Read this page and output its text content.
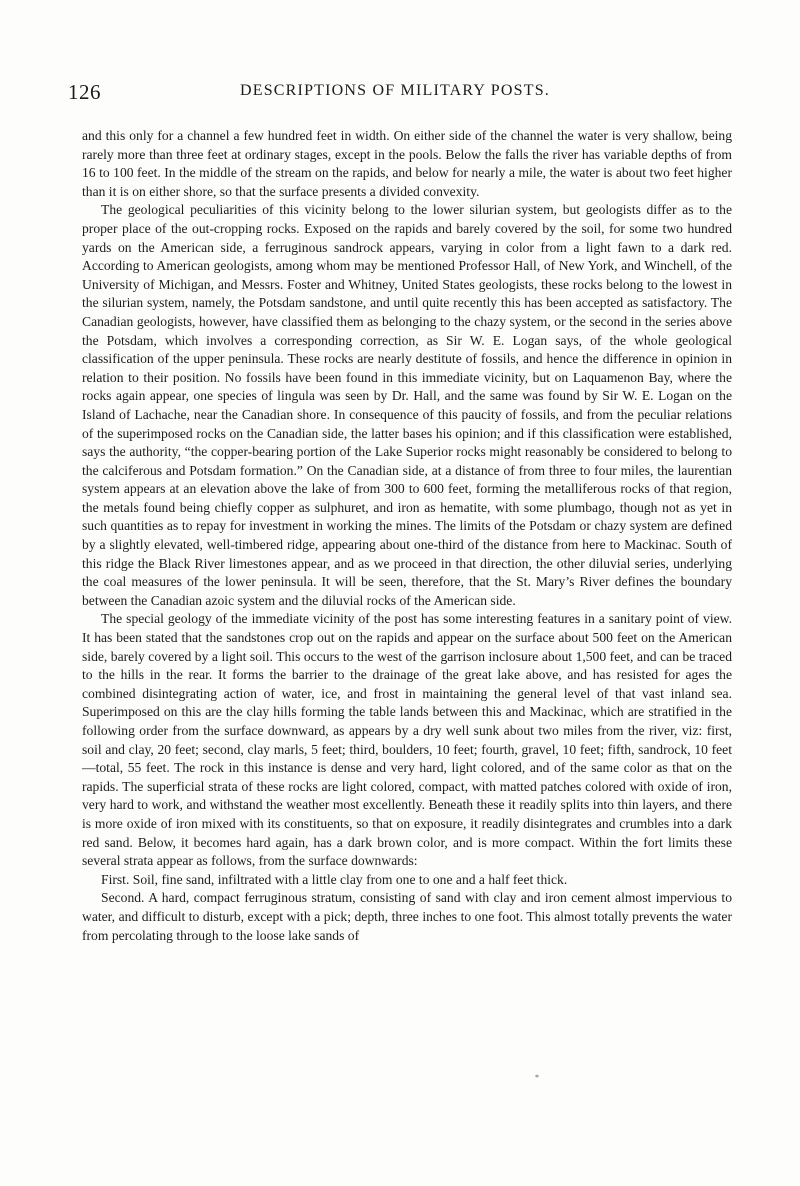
126	DESCRIPTIONS OF MILITARY POSTS.

and this only for a channel a few hundred feet in width. On either side of the channel the water is very shallow, being rarely more than three feet at ordinary stages, except in the pools. Below the falls the river has variable depths of from 16 to 100 feet. In the middle of the stream on the rapids, and below for nearly a mile, the water is about two feet higher than it is on either shore, so that the surface presents a divided convexity.

The geological peculiarities of this vicinity belong to the lower silurian system, but geologists differ as to the proper place of the out-cropping rocks. Exposed on the rapids and barely covered by the soil, for some two hundred yards on the American side, a ferruginous sandrock appears, varying in color from a light fawn to a dark red. According to American geologists, among whom may be mentioned Professor Hall, of New York, and Winchell, of the University of Michigan, and Messrs. Foster and Whitney, United States geologists, these rocks belong to the lowest in the silurian system, namely, the Potsdam sandstone, and until quite recently this has been accepted as satisfactory. The Canadian geologists, however, have classified them as belonging to the chazy system, or the second in the series above the Potsdam, which involves a corresponding correction, as Sir W. E. Logan says, of the whole geological classification of the upper peninsula. These rocks are nearly destitute of fossils, and hence the difference in opinion in relation to their position. No fossils have been found in this immediate vicinity, but on Laquamenon Bay, where the rocks again appear, one species of lingula was seen by Dr. Hall, and the same was found by Sir W. E. Logan on the Island of Lachache, near the Canadian shore. In consequence of this paucity of fossils, and from the peculiar relations of the superimposed rocks on the Canadian side, the latter bases his opinion; and if this classification were established, says the authority, “the copper-bearing portion of the Lake Superior rocks might reasonably be considered to belong to the calciferous and Potsdam formation.” On the Canadian side, at a distance of from three to four miles, the laurentian system appears at an elevation above the lake of from 300 to 600 feet, forming the metalliferous rocks of that region, the metals found being chiefly copper as sulphuret, and iron as hematite, with some plumbago, though not as yet in such quantities as to repay for investment in working the mines. The limits of the Potsdam or chazy system are defined by a slightly elevated, well-timbered ridge, appearing about one-third of the distance from here to Mackinac. South of this ridge the Black River limestones appear, and as we proceed in that direction, the other diluvial series, underlying the coal measures of the lower peninsula. It will be seen, therefore, that the St. Mary’s River defines the boundary between the Canadian azoic system and the diluvial rocks of the American side.

The special geology of the immediate vicinity of the post has some interesting features in a sanitary point of view. It has been stated that the sandstones crop out on the rapids and appear on the surface about 500 feet on the American side, barely covered by a light soil. This occurs to the west of the garrison inclosure about 1,500 feet, and can be traced to the hills in the rear. It forms the barrier to the drainage of the great lake above, and has resisted for ages the combined disintegrating action of water, ice, and frost in maintaining the general level of that vast inland sea. Superimposed on this are the clay hills forming the table lands between this and Mackinac, which are stratified in the following order from the surface downward, as appears by a dry well sunk about two miles from the river, viz: first, soil and clay, 20 feet; second, clay marls, 5 feet; third, boulders, 10 feet; fourth, gravel, 10 feet; fifth, sandrock, 10 feet—total, 55 feet. The rock in this instance is dense and very hard, light colored, and of the same color as that on the rapids. The superficial strata of these rocks are light colored, compact, with matted patches colored with oxide of iron, very hard to work, and withstand the weather most excellently. Beneath these it readily splits into thin layers, and there is more oxide of iron mixed with its constituents, so that on exposure, it readily disintegrates and crumbles into a dark red sand. Below, it becomes hard again, has a dark brown color, and is more compact. Within the fort limits these several strata appear as follows, from the surface downwards:

First. Soil, fine sand, infiltrated with a little clay from one to one and a half feet thick.

Second. A hard, compact ferruginous stratum, consisting of sand with clay and iron cement almost impervious to water, and difficult to disturb, except with a pick; depth, three inches to one foot. This almost totally prevents the water from percolating through to the loose lake sands of

*
